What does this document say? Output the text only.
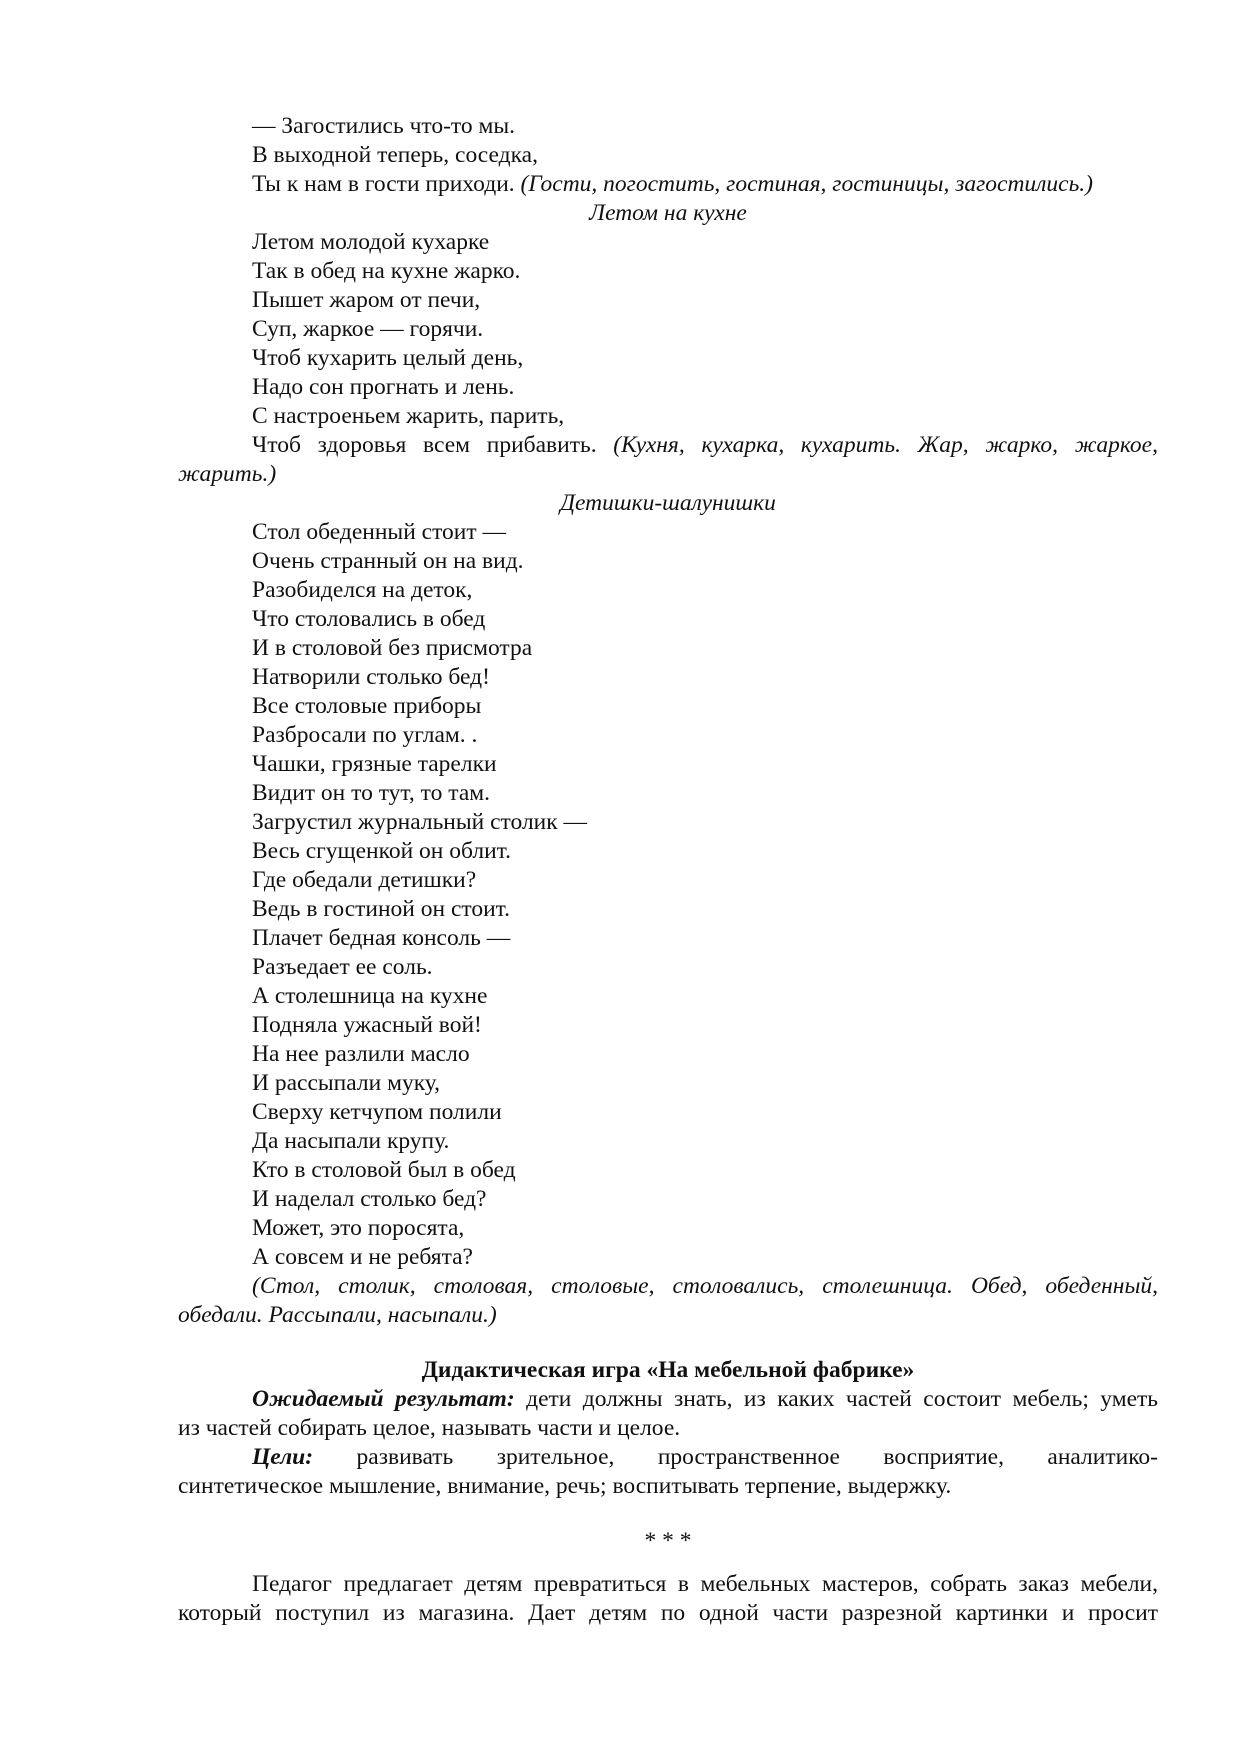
— Загостились что-то мы.
В выходной теперь, соседка,
Ты к нам в гости приходи. (Гости, погостить, гостиная, гостиницы, загостились.)
Летом на кухне
Летом молодой кухарке
Так в обед на кухне жарко.
Пышет жаром от печи,
Суп, жаркое — горячи.
Чтоб кухарить целый день,
Надо сон прогнать и лень.
С настроеньем жарить, парить,
Чтоб здоровья всем прибавить. (Кухня, кухарка, кухарить. Жар, жарко, жаркое,
жарить.)
Детишки-шалунишки
Стол обеденный стоит —
Очень странный он на вид.
Разобиделся на деток,
Что столовались в обед
И в столовой без присмотра
Натворили столько бед!
Все столовые приборы
Разбросали по углам. .
Чашки, грязные тарелки
Видит он то тут, то там.
Загрустил журнальный столик —
Весь сгущенкой он облит.
Где обедали детишки?
Ведь в гостиной он стоит.
Плачет бедная консоль —
Разъедает ее соль.
А столешница на кухне
Подняла ужасный вой!
На нее разлили масло
И рассыпали муку,
Сверху кетчупом полили
Да насыпали крупу.
Кто в столовой был в обед
И наделал столько бед?
Может, это поросята,
А совсем и не ребята?
(Стол, столик, столовая, столовые, столовались, столешница. Обед, обеденный,
обедали. Рассыпали, насыпали.)
Дидактическая игра «На мебельной фабрике»
Ожидаемый результат: дети должны знать, из каких частей состоит мебель; уметь
из частей собирать целое, называть части и целое.
Цели: развивать зрительное, пространственное восприятие, аналитико-
синтетическое мышление, внимание, речь; воспитывать терпение, выдержку.
* * *
Педагог предлагает детям превратиться в мебельных мастеров, собрать заказ мебели,
который поступил из магазина. Дает детям по одной части разрезной картинки и просит
